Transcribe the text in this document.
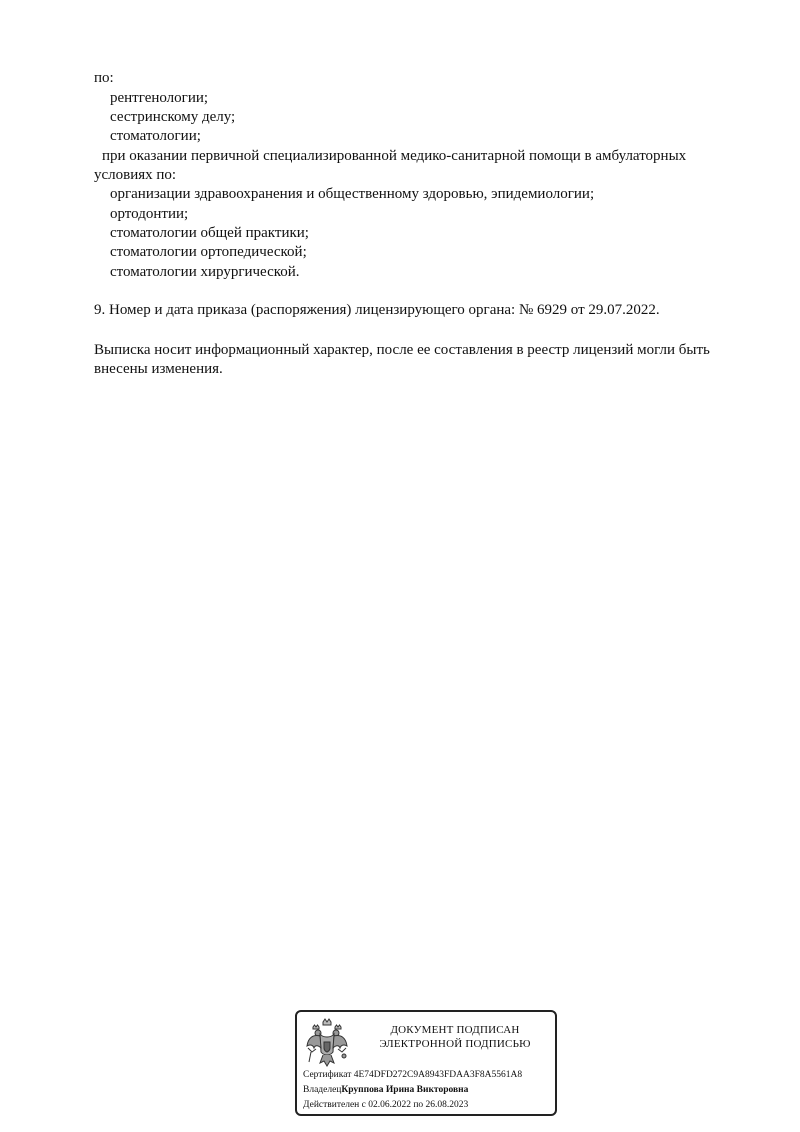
по:
рентгенологии;
сестринскому делу;
стоматологии;
при оказании первичной специализированной медико-санитарной помощи в амбулаторных
условиях по:
организации здравоохранения и общественному здоровью, эпидемиологии;
ортодонтии;
стоматологии общей практики;
стоматологии ортопедической;
стоматологии хирургической.
9. Номер и дата приказа (распоряжения) лицензирующего органа: № 6929 от 29.07.2022.
Выписка носит информационный характер, после ее составления в реестр лицензий могли быть
внесены изменения.
ДОКУМЕНТ ПОДПИСАН
ЭЛЕКТРОННОЙ ПОДПИСЬЮ
Сертификат 4E74DFD272C9A8943FDAA3F8A5561A8
ВладелецКруппова Ирина Викторовна
Действителен с 02.06.2022 по 26.08.2023
